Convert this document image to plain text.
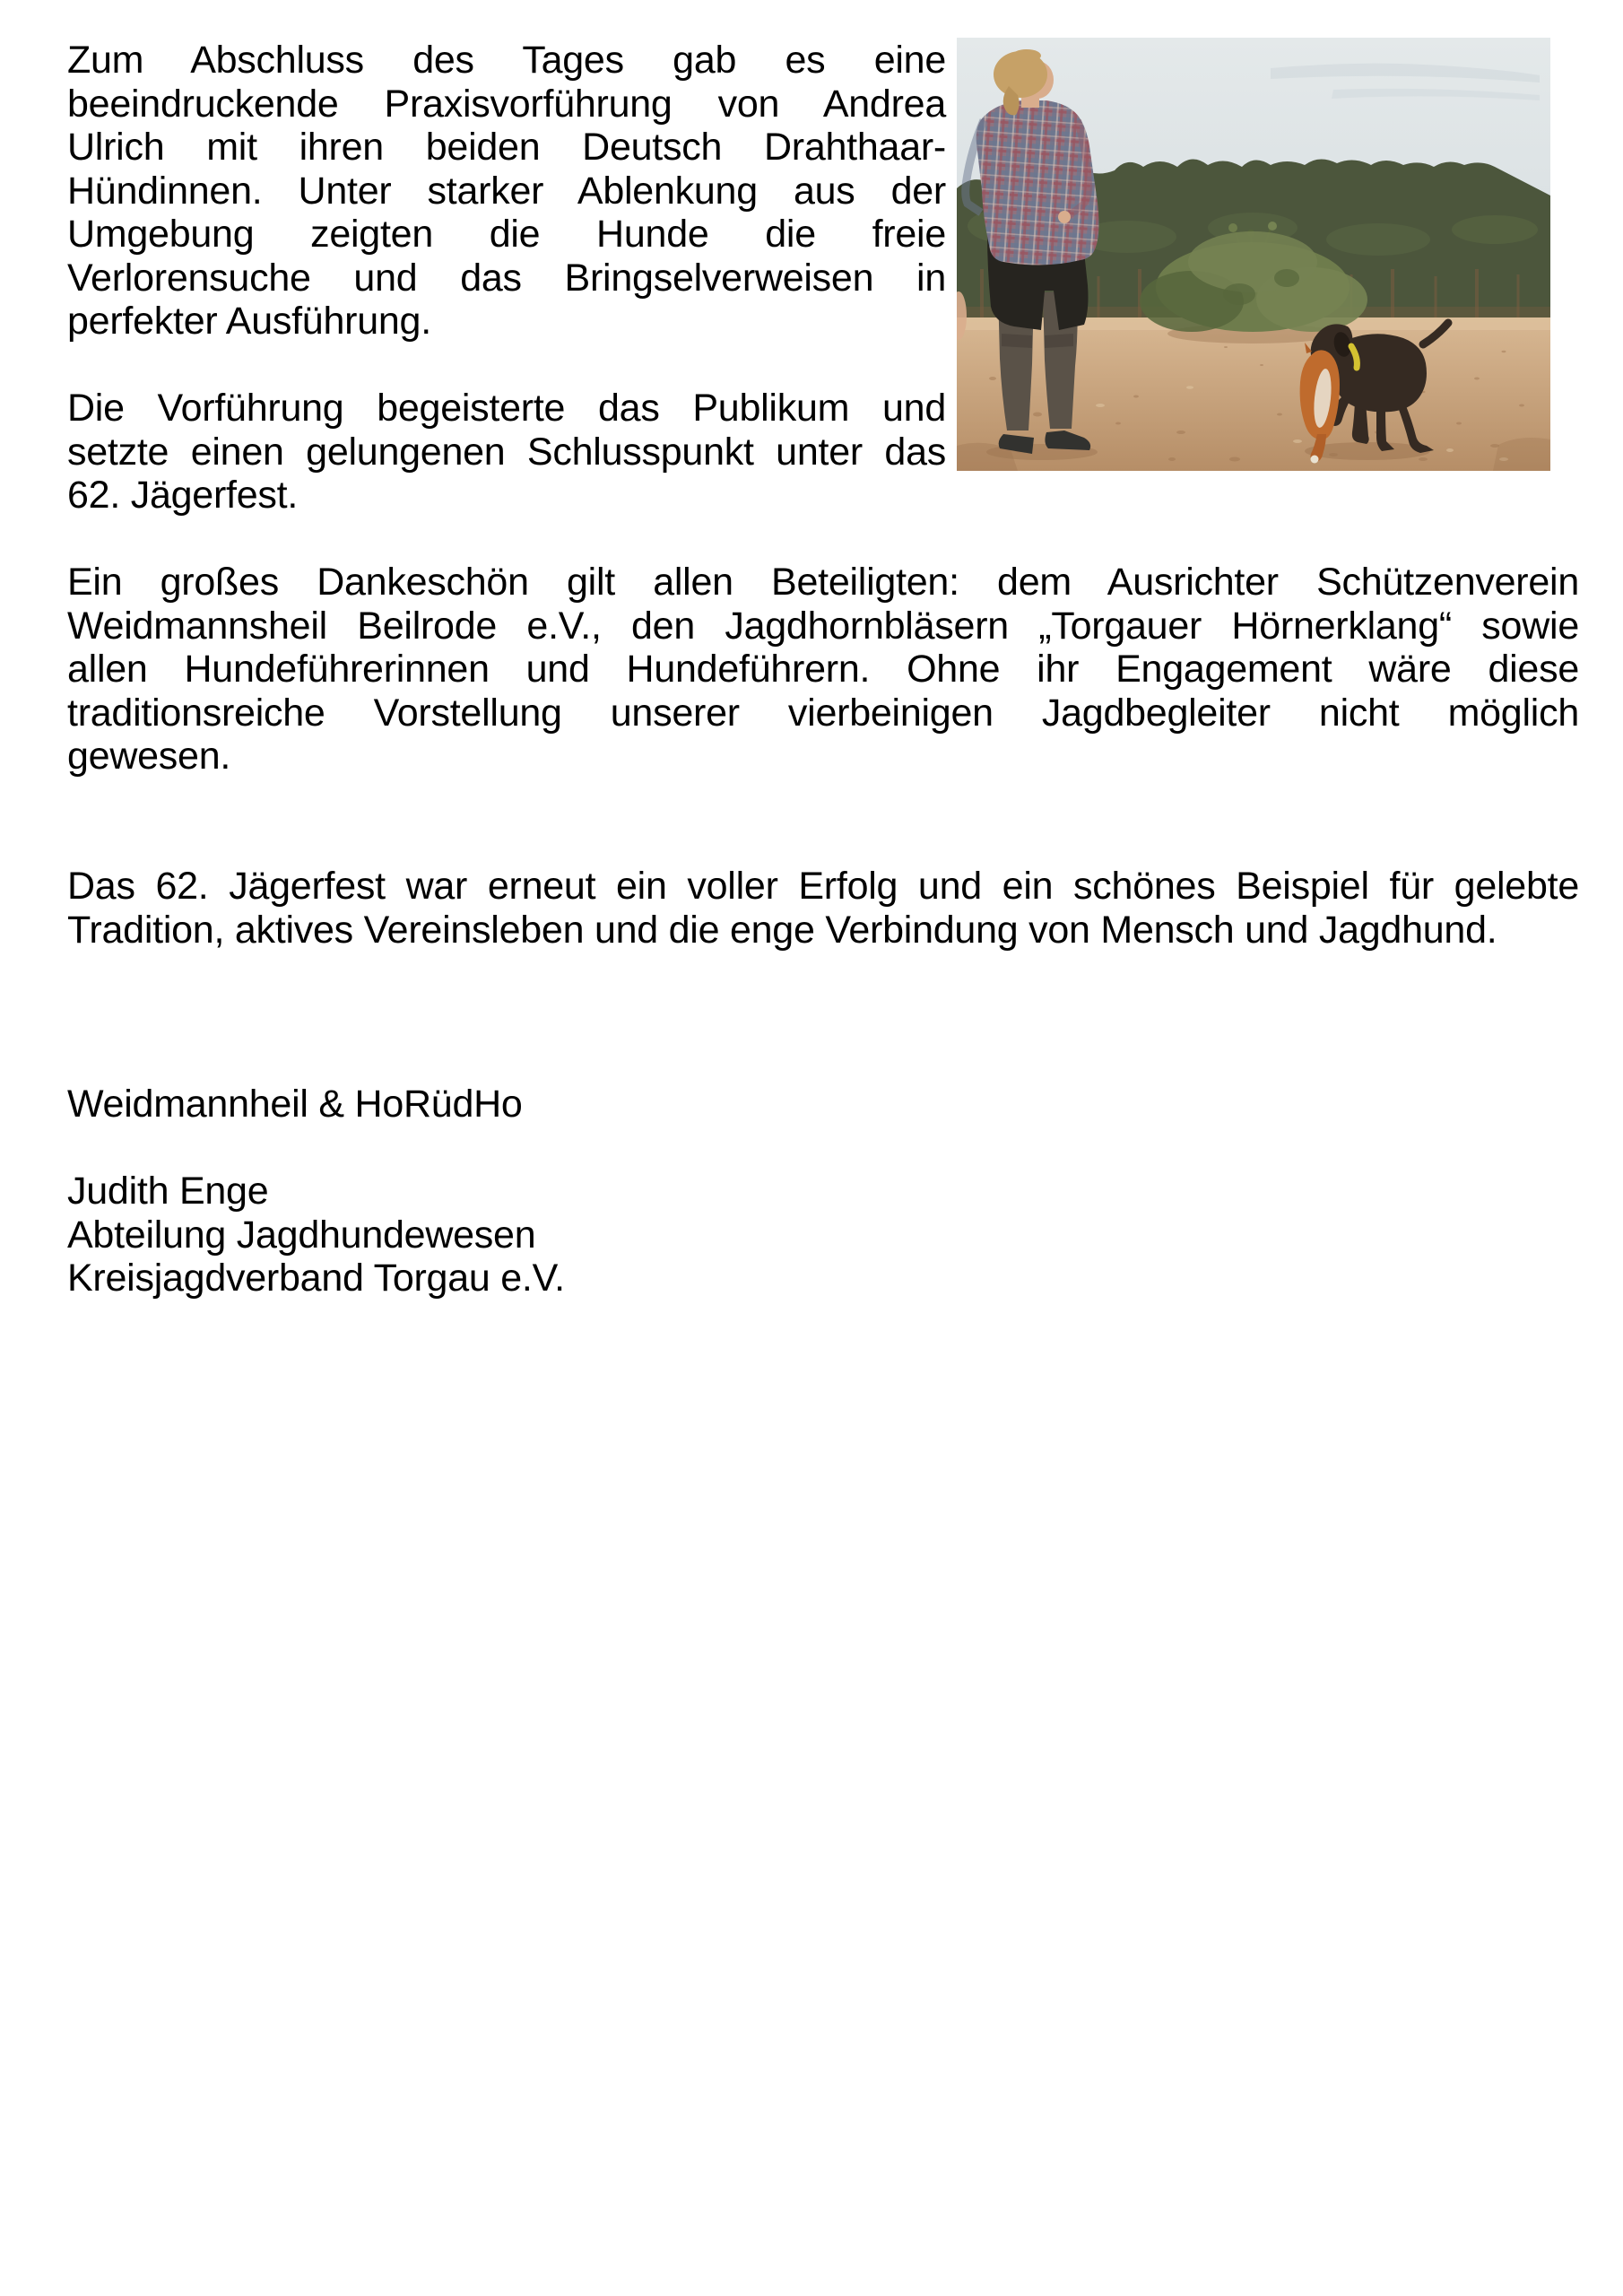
Zum Abschluss des Tages gab es eine
beeindruckende Praxisvorführung von Andrea
Ulrich mit ihren beiden Deutsch Drahthaar-
Hündinnen. Unter starker Ablenkung aus der
Umgebung zeigten die Hunde die freie
Verlorensuche und das Bringselverweisen in
perfekter Ausführung.
Die Vorführung begeisterte das Publikum und
setzte einen gelungenen Schlusspunkt unter das
62. Jägerfest.
Ein großes Dankeschön gilt allen Beteiligten: dem Ausrichter Schützenverein
Weidmannsheil Beilrode e.V., den Jagdhornbläsern „Torgauer Hörnerklang“ sowie
allen Hundeführerinnen und Hundeführern. Ohne ihr Engagement wäre diese
traditionsreiche Vorstellung unserer vierbeinigen Jagdbegleiter nicht möglich
gewesen.
Das 62. Jägerfest war erneut ein voller Erfolg und ein schönes Beispiel für gelebte
Tradition, aktives Vereinsleben und die enge Verbindung von Mensch und Jagdhund.
Weidmannheil & HoRüdHo
Judith Enge
Abteilung Jagdhundewesen
Kreisjagdverband Torgau e.V.
